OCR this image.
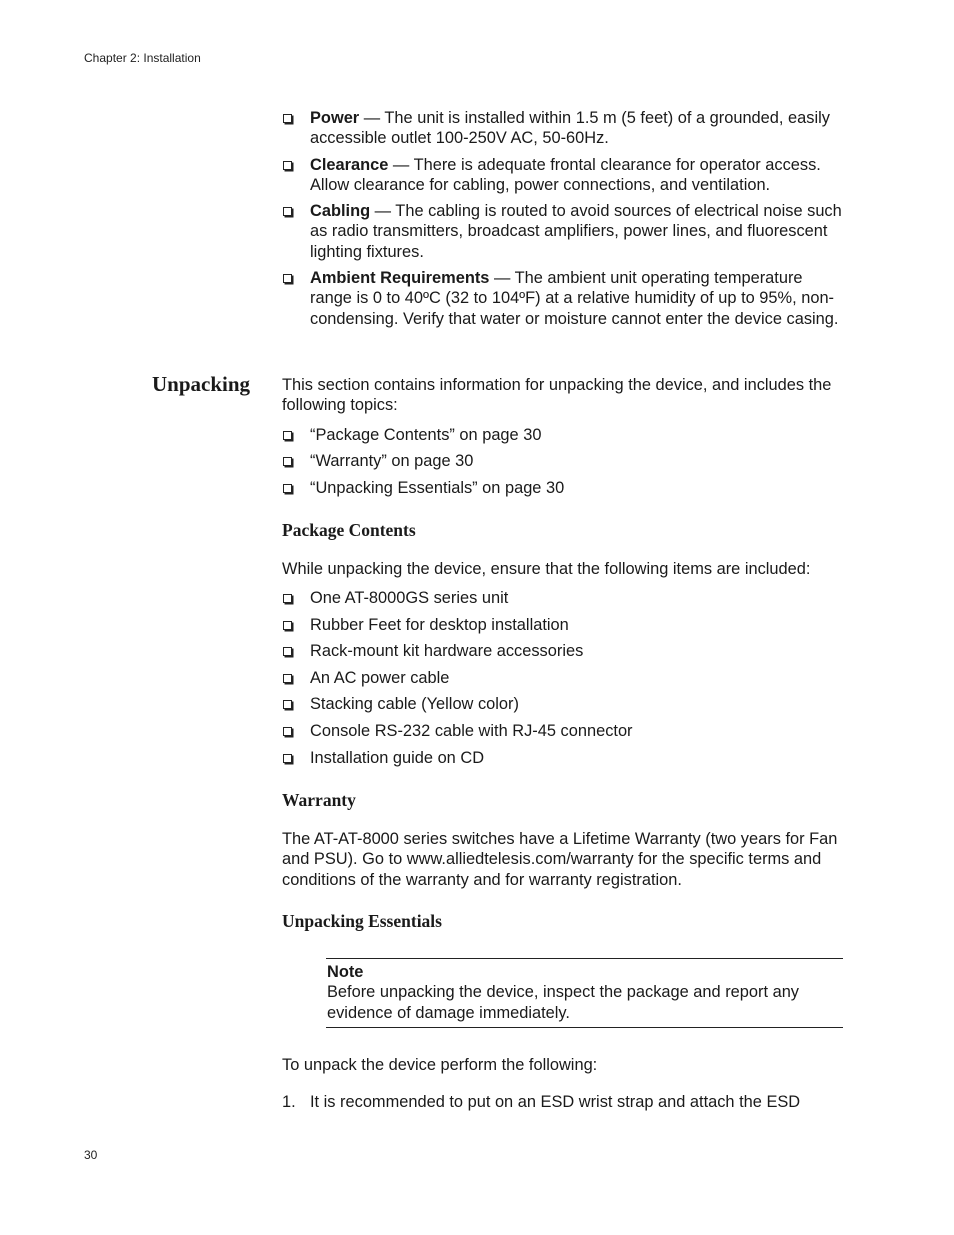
Chapter 2: Installation
Power — The unit is installed within 1.5 m (5 feet) of a grounded, easily accessible outlet 100-250V AC, 50-60Hz.
Clearance — There is adequate frontal clearance for operator access. Allow clearance for cabling, power connections, and ventilation.
Cabling — The cabling is routed to avoid sources of electrical noise such as radio transmitters, broadcast amplifiers, power lines, and fluorescent lighting fixtures.
Ambient Requirements — The ambient unit operating temperature range is 0 to 40ºC (32 to 104ºF) at a relative humidity of up to 95%, non-condensing. Verify that water or moisture cannot enter the device casing.
Unpacking This section contains information for unpacking the device, and includes the following topics:
“Package Contents” on page 30
“Warranty” on page 30
“Unpacking Essentials” on page 30
Package Contents
While unpacking the device, ensure that the following items are included:
One AT-8000GS series unit
Rubber Feet for desktop installation
Rack-mount kit hardware accessories
An AC power cable
Stacking cable (Yellow color)
Console RS-232 cable with RJ-45 connector
Installation guide on CD
Warranty
The AT-AT-8000 series switches have a Lifetime Warranty (two years for Fan and PSU). Go to www.alliedtelesis.com/warranty for the specific terms and conditions of the warranty and for warranty registration.
Unpacking Essentials
Note
Before unpacking the device, inspect the package and report any evidence of damage immediately.
To unpack the device perform the following:
1. It is recommended to put on an ESD wrist strap and attach the ESD
30
